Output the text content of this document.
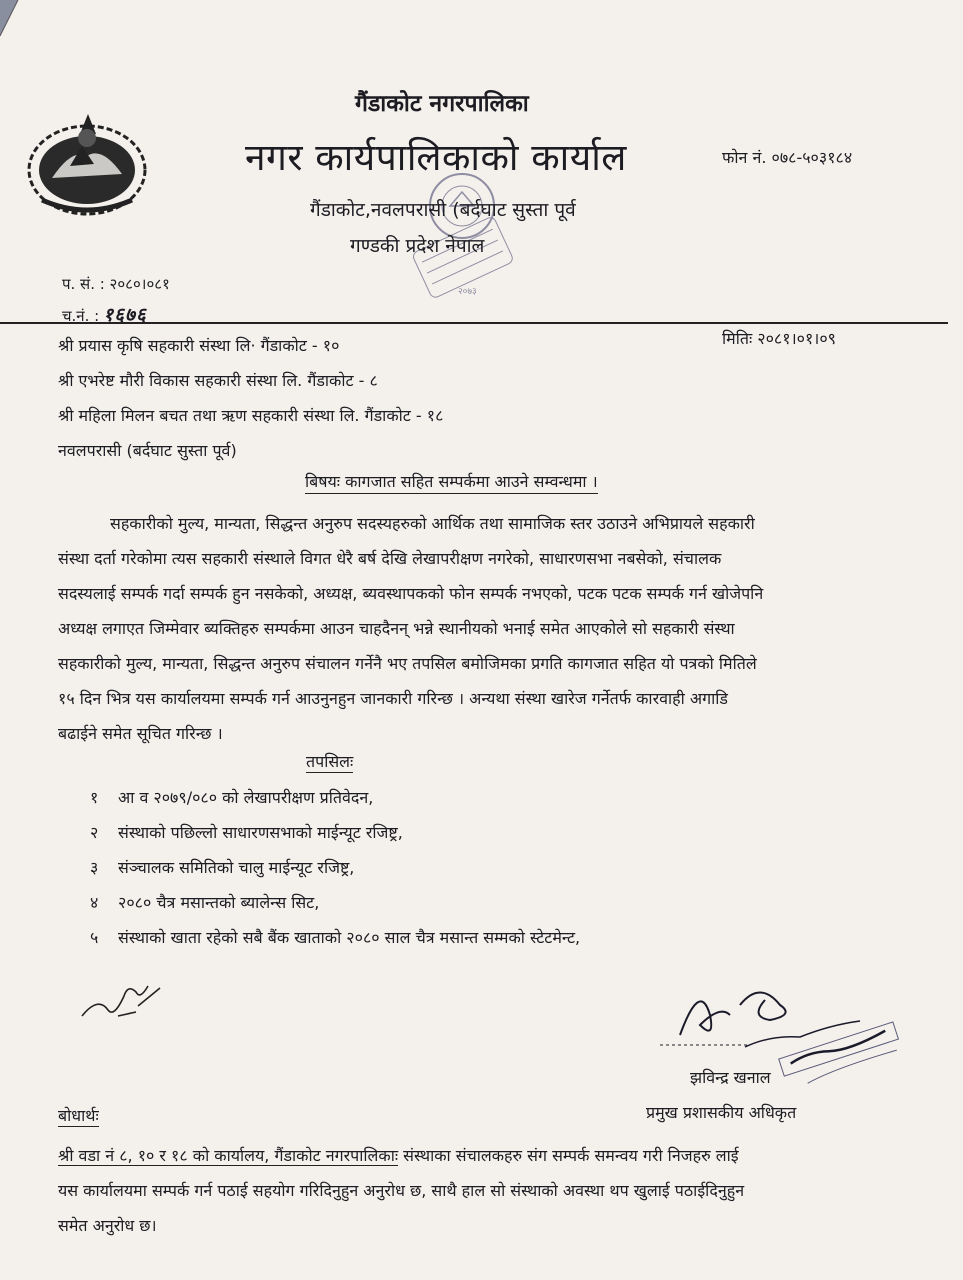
२०७३
गैंडाकोट नगरपालिका
नगर कार्यपालिकाको कार्याल	फोन नं. ०७८-५०३१८४
गैंडाकोट,नवलपरासी (बर्दघाट सुस्ता पूर्व
गण्डकी प्रदेश नेपाल
प. सं. : २०८०।०८१
च.नं. : १६७६
मितिः २०८१।०१।०९
श्री प्रयास कृषि सहकारी संस्था लि· गैंडाकोट - १०
श्री एभरेष्ट मौरी विकास सहकारी संस्था लि. गैंडाकोट - ८
श्री महिला मिलन बचत तथा ऋण सहकारी संस्था लि. गैंडाकोट - १८
नवलपरासी (बर्दघाट सुस्ता पूर्व)
बिषयः कागजात सहित सम्पर्कमा आउने सम्वन्धमा ।
सहकारीको मुल्य, मान्यता, सिद्धन्त अनुरुप सदस्यहरुको आर्थिक तथा सामाजिक स्तर उठाउने अभिप्रायले सहकारी
संस्था दर्ता गरेकोमा त्यस सहकारी संस्थाले विगत धेरै बर्ष देखि लेखापरीक्षण नगरेको, साधारणसभा नबसेको, संचालक
सदस्यलाई सम्पर्क गर्दा सम्पर्क हुन नसकेको, अध्यक्ष, ब्यवस्थापकको फोन सम्पर्क नभएको, पटक पटक सम्पर्क गर्न खोजेपनि
अध्यक्ष लगाएत जिम्मेवार ब्यक्तिहरु सम्पर्कमा आउन चाहदैनन् भन्ने स्थानीयको भनाई समेत आएकोले सो सहकारी संस्था
सहकारीको मुल्य, मान्यता, सिद्धन्त अनुरुप संचालन गर्नेनै भए तपसिल बमोजिमका प्रगति कागजात सहित यो पत्रको मितिले
१५ दिन भित्र यस कार्यालयमा सम्पर्क गर्न आउनुनहुन जानकारी गरिन्छ । अन्यथा संस्था खारेज गर्नेतर्फ कारवाही अगाडि
बढाईने समेत सूचित गरिन्छ ।
तपसिलः
१ आ व २०७९/०८० को लेखापरीक्षण प्रतिवेदन,
२ संस्थाको पछिल्लो साधारणसभाको माईन्यूट रजिष्ट्र,
३ संञ्चालक समितिको चालु माईन्यूट रजिष्ट्र,
४ २०८० चैत्र मसान्तको ब्यालेन्स सिट,
५ संस्थाको खाता रहेको सबै बैंक खाताको २०८० साल चैत्र मसान्त सम्मको स्टेटमेन्ट,
झविन्द्र खनाल
प्रमुख प्रशासकीय अधिकृत
बोधार्थः
श्री वडा नं ८, १० र १८ को कार्यालय, गैंडाकोट नगरपालिकाः संस्थाका संचालकहरु संग सम्पर्क समन्वय गरी निजहरु लाई
यस कार्यालयमा सम्पर्क गर्न पठाई सहयोग गरिदिनुहुन अनुरोध छ, साथै हाल सो संस्थाको अवस्था थप खुलाई पठाईदिनुहुन
समेत अनुरोध छ।
